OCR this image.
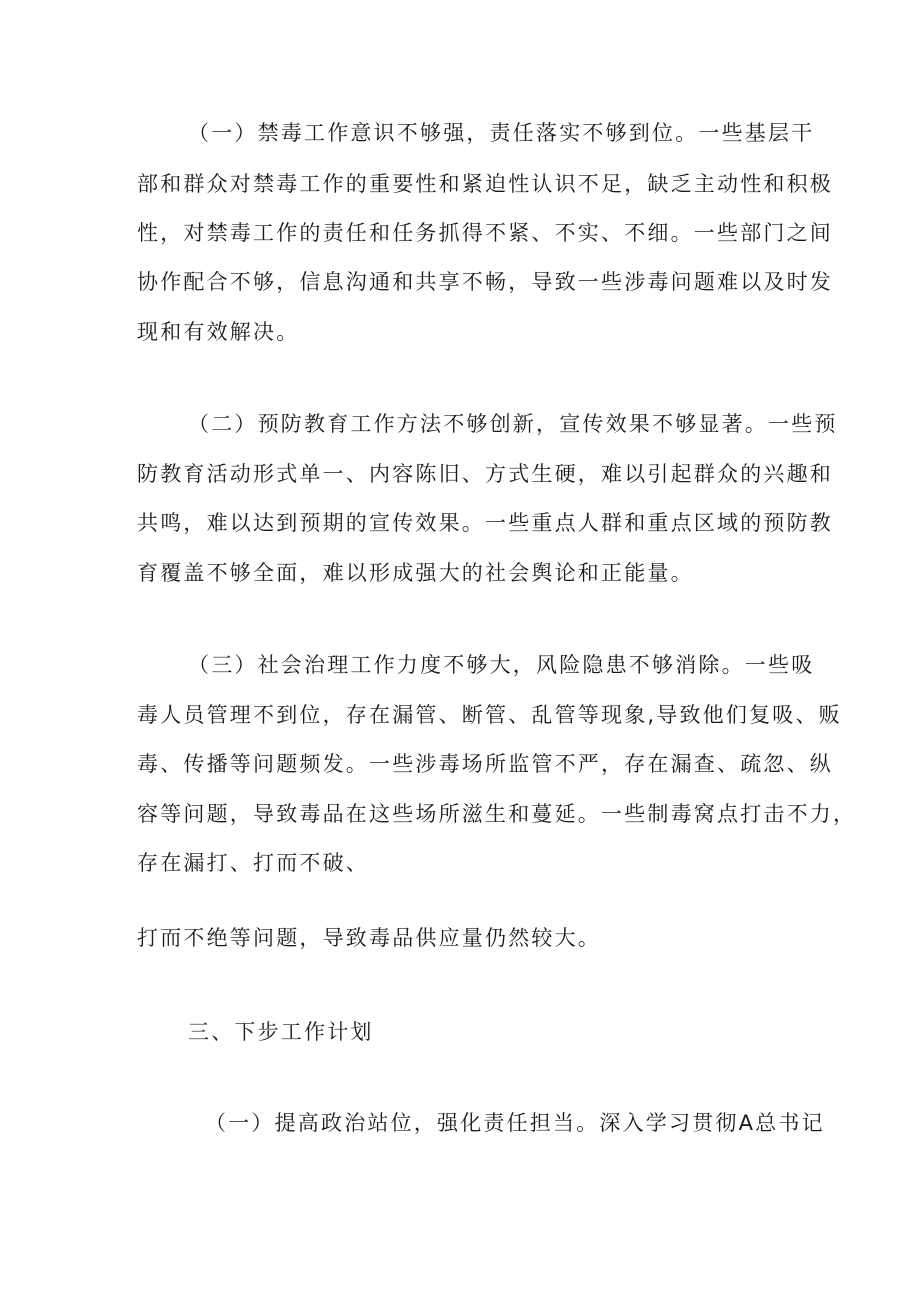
（一）禁毒工作意识不够强，责任落实不够到位。一些基层干
部和群众对禁毒工作的重要性和紧迫性认识不足，缺乏主动性和积极
性，对禁毒工作的责任和任务抓得不紧、不实、不细。一些部门之间
协作配合不够，信息沟通和共享不畅，导致一些涉毒问题难以及时发
现和有效解决。
（二）预防教育工作方法不够创新，宣传效果不够显著。一些预
防教育活动形式单一、内容陈旧、方式生硬，难以引起群众的兴趣和
共鸣，难以达到预期的宣传效果。一些重点人群和重点区域的预防教
育覆盖不够全面，难以形成强大的社会舆论和正能量。
（三）社会治理工作力度不够大，风险隐患不够消除。一些吸
毒人员管理不到位，存在漏管、断管、乱管等现象,导致他们复吸、贩
毒、传播等问题频发。一些涉毒场所监管不严，存在漏查、疏忽、纵
容等问题，导致毒品在这些场所滋生和蔓延。一些制毒窝点打击不力，
存在漏打、打而不破、
打而不绝等问题，导致毒品供应量仍然较大。
三、下步工作计划
（一）提高政治站位，强化责任担当。深入学习贯彻A总书记
